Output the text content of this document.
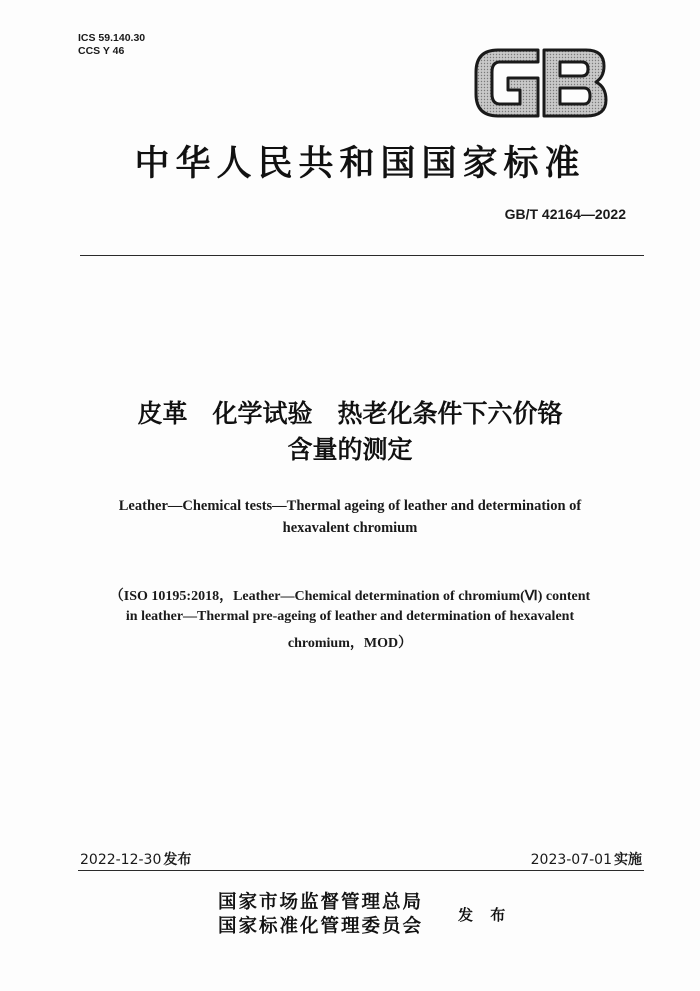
ICS 59.140.30
CCS Y 46
中华人民共和国国家标准
GB/T 42164—2022
皮革　化学试验　热老化条件下六价铬
含量的测定
Leather—Chemical tests—Thermal ageing of leather and determination of
hexavalent chromium
（ISO 10195:2018，Leather—Chemical determination of chromium(Ⅵ) content
in leather—Thermal pre-ageing of leather and determination of hexavalent
chromium，MOD）
2022-12-30 发布	2023-07-01 实施
国家市场监督管理总局
国家标准化管理委员会
发 布
